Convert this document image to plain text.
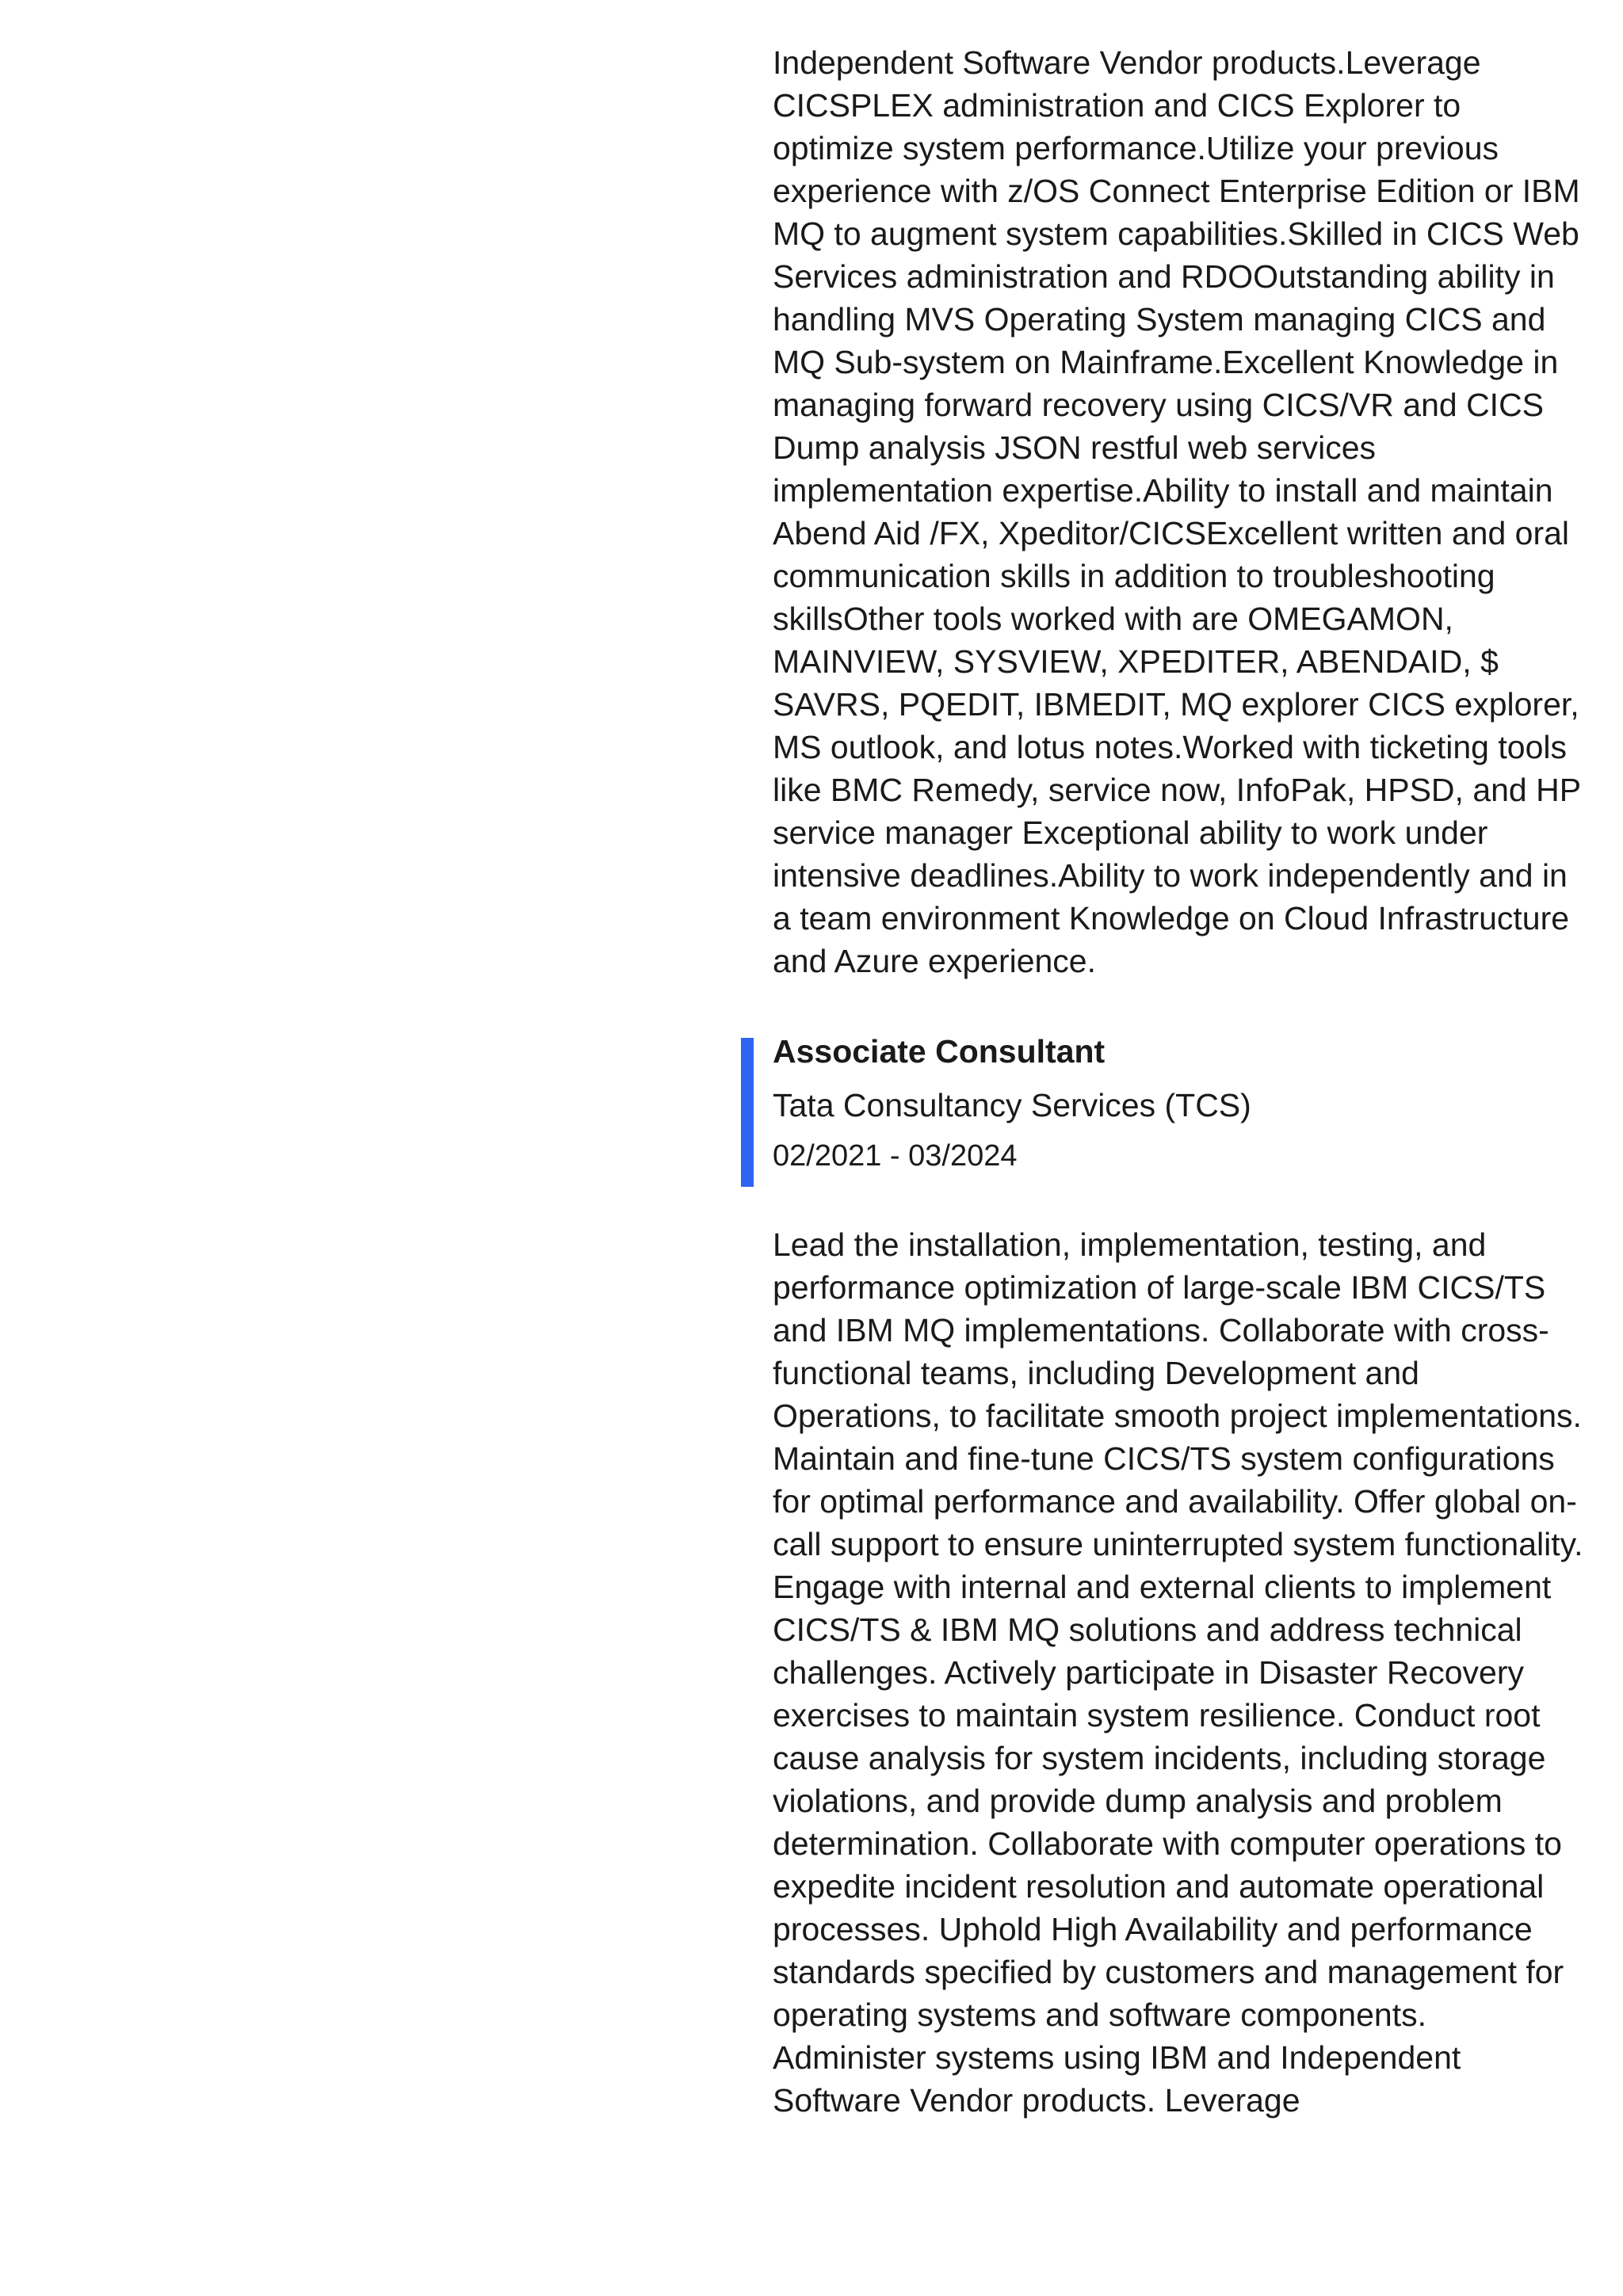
Independent Software Vendor products.Leverage CICSPLEX administration and CICS Explorer to optimize system performance.Utilize your previous experience with z/OS Connect Enterprise Edition or IBM MQ to augment system capabilities.Skilled in CICS Web Services administration and RDOOutstanding ability in handling MVS Operating System managing CICS and MQ Sub-system on Mainframe.Excellent Knowledge in managing forward recovery using CICS/VR and CICS Dump analysis JSON restful web services implementation expertise.Ability to install and maintain Abend Aid /FX, Xpeditor/CICSExcellent written and oral communication skills in addition to troubleshooting skillsOther tools worked with are OMEGAMON, MAINVIEW, SYSVIEW, XPEDITER, ABENDAID, $ SAVRS, PQEDIT, IBMEDIT, MQ explorer CICS explorer, MS outlook, and lotus notes.Worked with ticketing tools like BMC Remedy, service now, InfoPak, HPSD, and HP service manager Exceptional ability to work under intensive deadlines.Ability to work independently and in a team environment Knowledge on Cloud Infrastructure and Azure experience.

Associate Consultant

Tata Consultancy Services (TCS)

02/2021 - 03/2024

Lead the installation, implementation, testing, and performance optimization of large-scale IBM CICS/TS and IBM MQ implementations. Collaborate with cross-functional teams, including Development and Operations, to facilitate smooth project implementations. Maintain and fine-tune CICS/TS system configurations for optimal performance and availability. Offer global on-call support to ensure uninterrupted system functionality. Engage with internal and external clients to implement CICS/TS & IBM MQ solutions and address technical challenges. Actively participate in Disaster Recovery exercises to maintain system resilience. Conduct root cause analysis for system incidents, including storage violations, and provide dump analysis and problem determination. Collaborate with computer operations to expedite incident resolution and automate operational processes. Uphold High Availability and performance standards specified by customers and management for operating systems and software components. Administer systems using IBM and Independent Software Vendor products. Leverage
